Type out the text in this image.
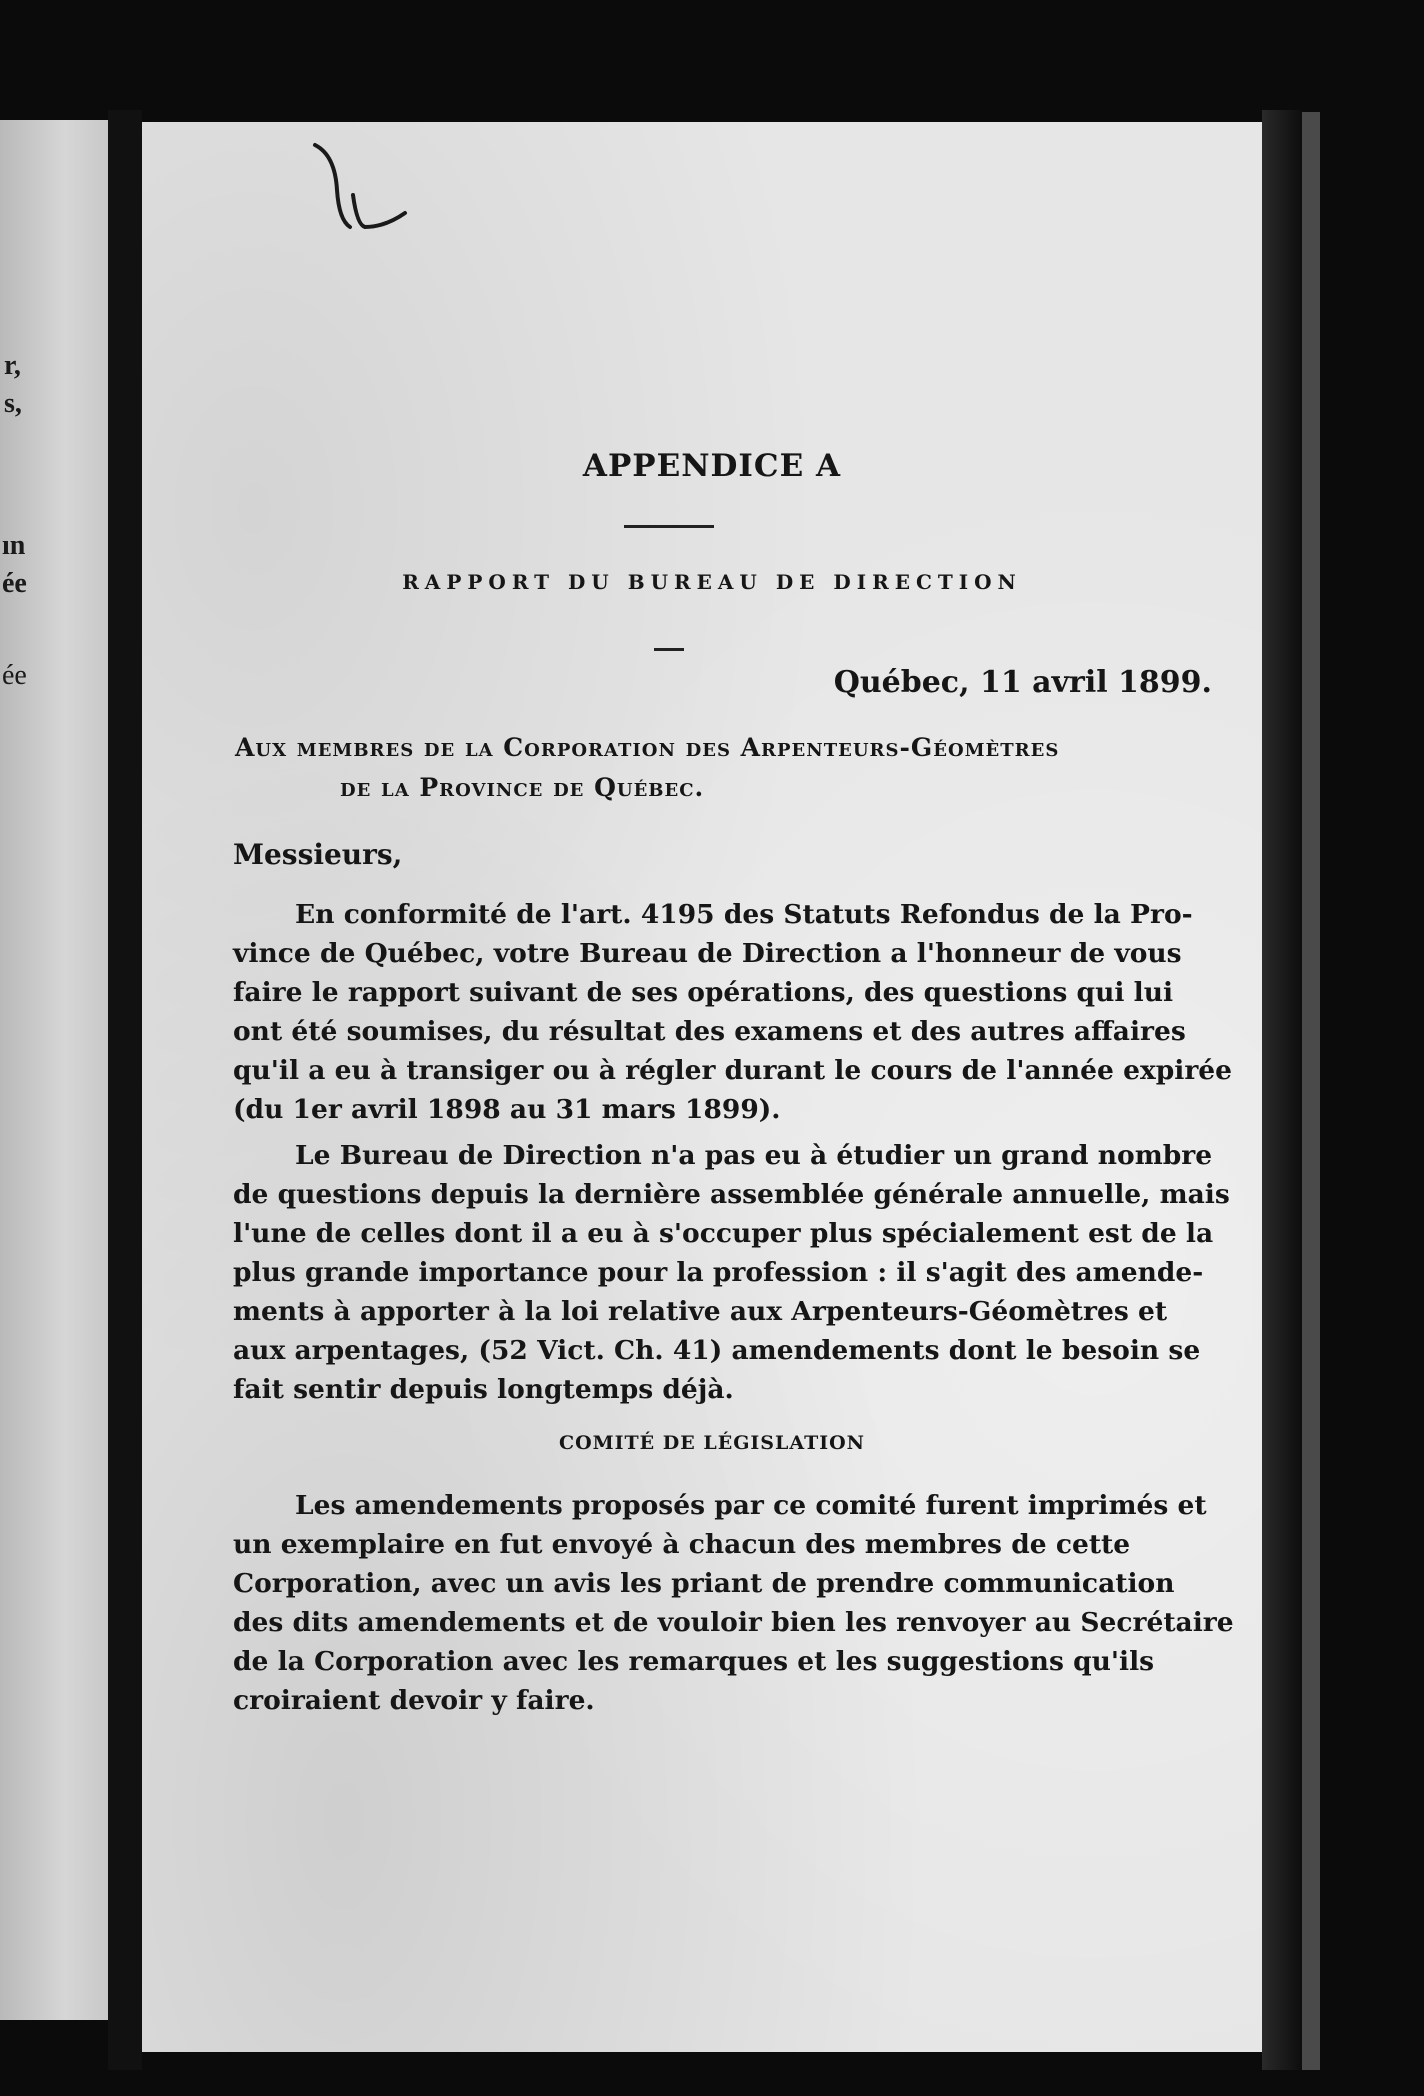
r,
s,
ın
ée
ée
APPENDICE A
RAPPORT DU BUREAU DE DIRECTION
Québec, 11 avril 1899.
Aux membres de la Corporation des Arpenteurs-Géomètres
de la Province de Québec.
Messieurs,
En conformité de l'art. 4195 des Statuts Refondus de la Pro-
vince de Québec, votre Bureau de Direction a l'honneur de vous
faire le rapport suivant de ses opérations, des questions qui lui
ont été soumises, du résultat des examens et des autres affaires
qu'il a eu à transiger ou à régler durant le cours de l'année expirée
(du 1er avril 1898 au 31 mars 1899).
Le Bureau de Direction n'a pas eu à étudier un grand nombre
de questions depuis la dernière assemblée générale annuelle, mais
l'une de celles dont il a eu à s'occuper plus spécialement est de la
plus grande importance pour la profession : il s'agit des amende-
ments à apporter à la loi relative aux Arpenteurs-Géomètres et
aux arpentages, (52 Vict. Ch. 41) amendements dont le besoin se
fait sentir depuis longtemps déjà.
COMITÉ DE LÉGISLATION
Les amendements proposés par ce comité furent imprimés et
un exemplaire en fut envoyé à chacun des membres de cette
Corporation, avec un avis les priant de prendre communication
des dits amendements et de vouloir bien les renvoyer au Secrétaire
de la Corporation avec les remarques et les suggestions qu'ils
croiraient devoir y faire.
